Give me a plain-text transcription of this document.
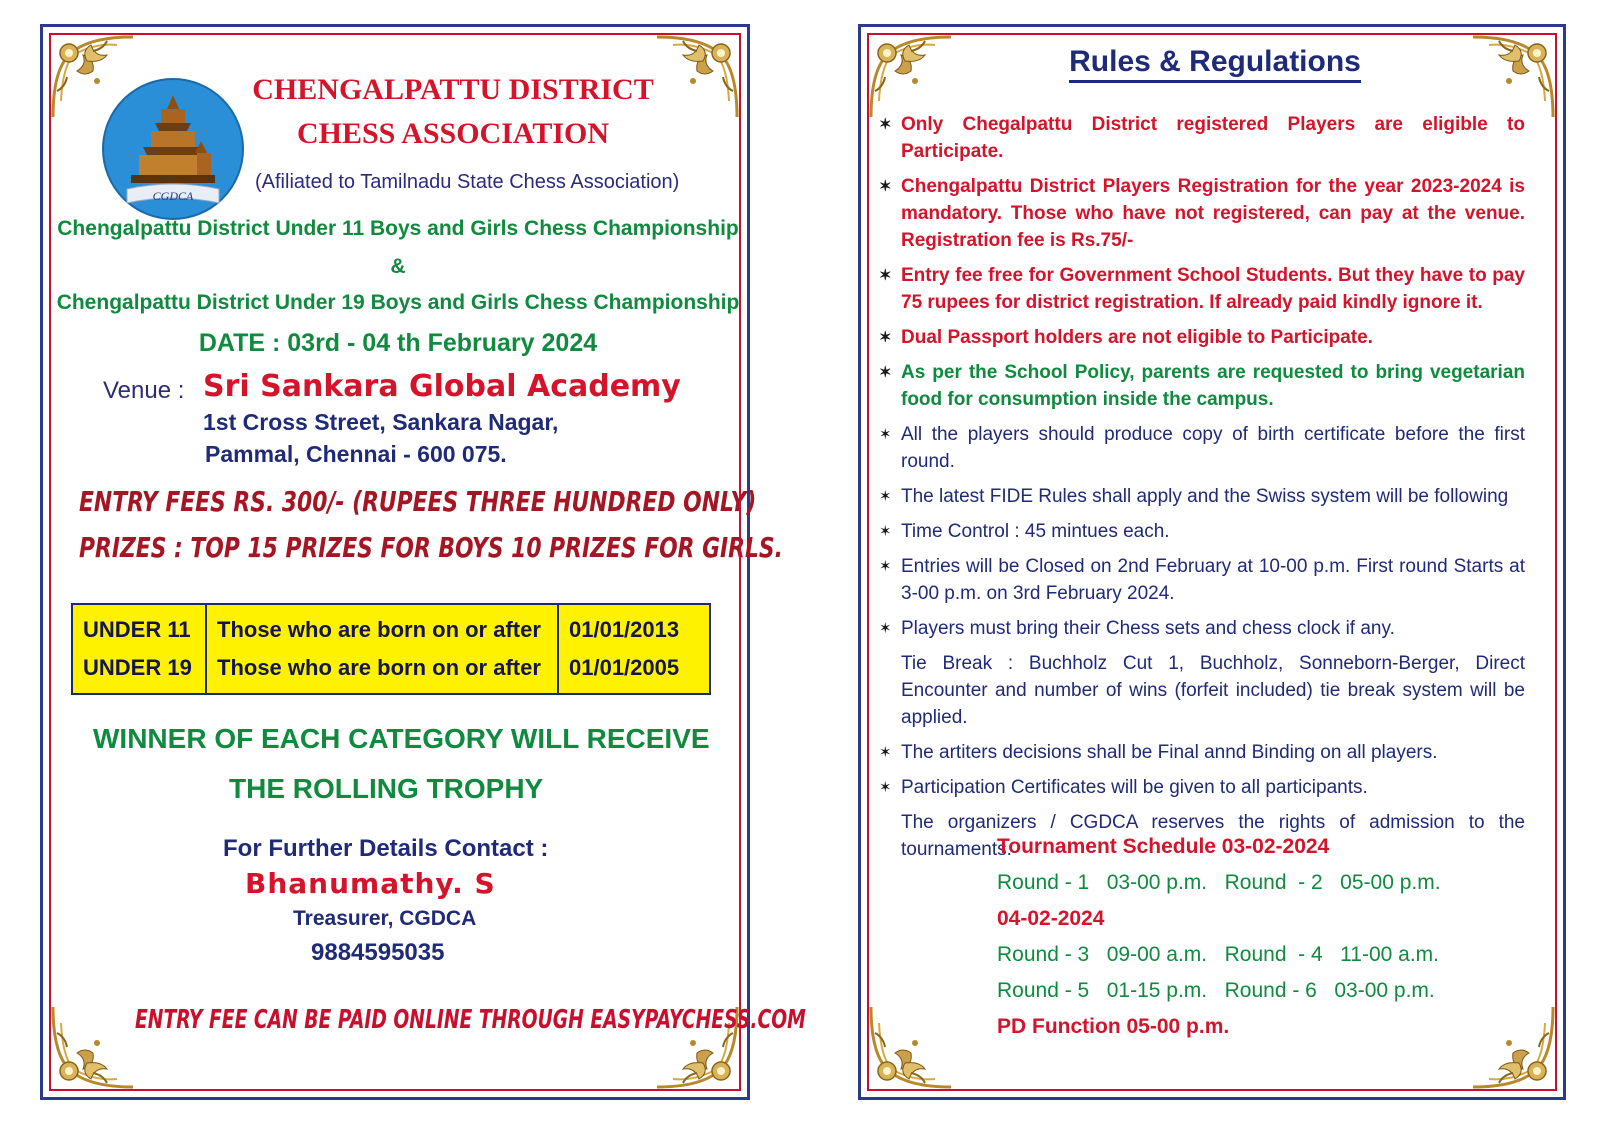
CGDCA
CHENGALPATTU DISTRICT
CHESS ASSOCIATION
(Afiliated to Tamilnadu State Chess Association)
Chengalpattu District Under 11 Boys and Girls Chess Championship
&
Chengalpattu District Under 19 Boys and Girls Chess Championship
DATE : 03rd - 04 th February 2024
Venue : Sri Sankara Global Academy
1st Cross Street, Sankara Nagar,
Pammal, Chennai - 600 075.
ENTRY FEES RS. 300/- (RUPEES THREE HUNDRED ONLY)
PRIZES : TOP 15 PRIZES FOR BOYS 10 PRIZES FOR GIRLS.
UNDER 11	Those who are born on or after	01/01/2013
UNDER 19	Those who are born on or after	01/01/2005
WINNER OF EACH CATEGORY WILL RECEIVE
THE ROLLING TROPHY
For Further Details Contact :
Bhanumathy. S
Treasurer, CGDCA
9884595035
ENTRY FEE CAN BE PAID ONLINE THROUGH EASYPAYCHESS.COM
Rules & Regulations
✶ Only Chegalpattu District registered Players are eligible to Participate.
✶ Chengalpattu District Players Registration for the year 2023-2024 is mandatory. Those who have not registered, can pay at the venue. Registration fee is Rs.75/-
✶ Entry fee free for Government School Students. But they have to pay 75 rupees for district registration. If already paid kindly ignore it.
✶ Dual Passport holders are not eligible to Participate.
✶ As per the School Policy, parents are requested to bring vegetarian food for consumption inside the campus.
✶ All the players should produce copy of birth certificate before the first round.
✶ The latest FIDE Rules shall apply and the Swiss system will be following
✶ Time Control : 45 mintues each.
✶ Entries will be Closed on 2nd February at 10-00 p.m. First round Starts at 3-00 p.m. on 3rd February 2024.
✶ Players must bring their Chess sets and chess clock if any.
Tie Break : Buchholz Cut 1, Buchholz, Sonneborn-Berger, Direct Encounter and number of wins (forfeit included) tie break system will be applied.
✶ The artiters decisions shall be Final annd Binding on all players.
✶ Participation Certificates will be given to all participants.
The organizers / CGDCA reserves the rights of admission to the tournaments.
Tournament Schedule 03-02-2024
Round - 1   03-00 p.m.   Round  - 2   05-00 p.m.
04-02-2024
Round - 3   09-00 a.m.   Round  - 4   11-00 a.m.
Round - 5   01-15 p.m.   Round - 6   03-00 p.m.
PD Function 05-00 p.m.
